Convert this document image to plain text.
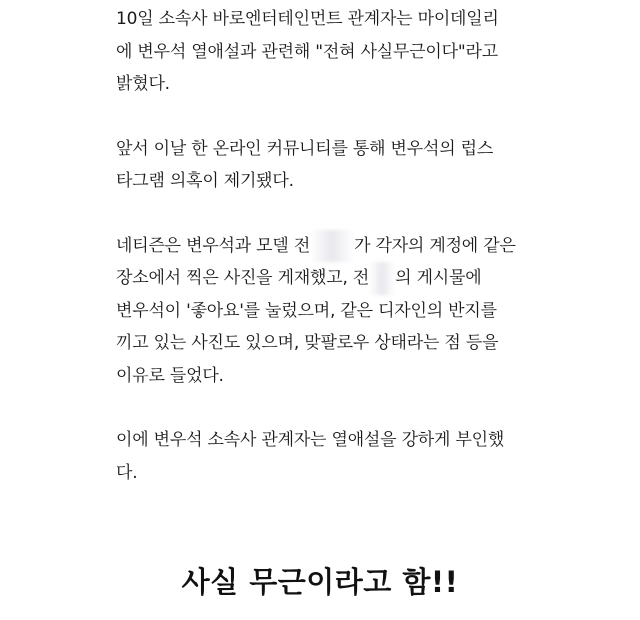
10일 소속사 바로엔터테인먼트 관계자는 마이데일리
에 변우석 열애설과 관련해 "전혀 사실무근이다"라고
밝혔다.

앞서 이날 한 온라인 커뮤니티를 통해 변우석의 럽스
타그램 의혹이 제기됐다.

네티즌은 변우석과 모델 전	가 각자의 계정에 같은
장소에서 찍은 사진을 게재했고, 전 의 게시물에
변우석이 '좋아요'를 눌렀으며, 같은 디자인의 반지를
끼고 있는 사진도 있으며, 맞팔로우 상태라는 점 등을
이유로 들었다.

이에 변우석 소속사 관계자는 열애설을 강하게 부인했
다.

사실 무근이라고 함!!
